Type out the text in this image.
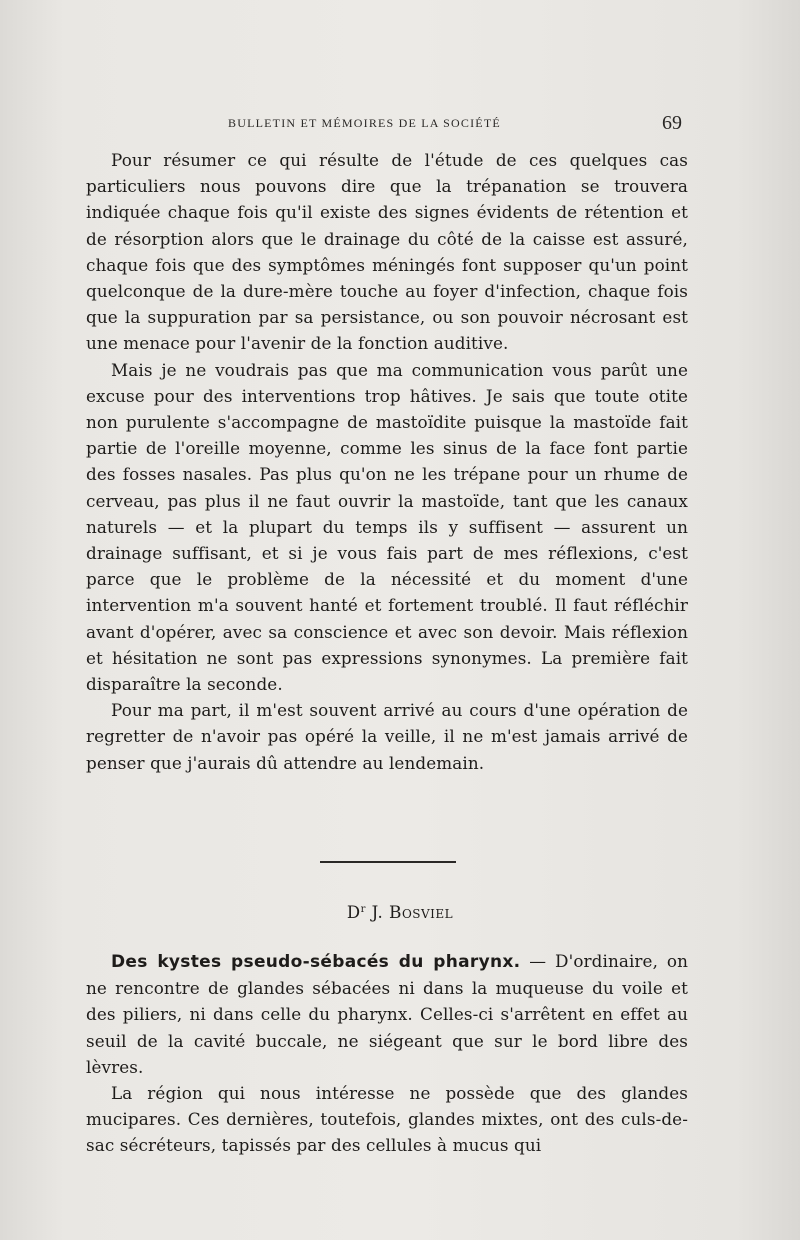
BULLETIN ET MÉMOIRES DE LA SOCIÉTÉ	69

Pour résumer ce qui résulte de l'étude de ces quelques cas particuliers nous pouvons dire que la trépanation se trouvera indiquée chaque fois qu'il existe des signes évidents de rétention et de résorption alors que le drainage du côté de la caisse est assuré, chaque fois que des symptômes méningés font supposer qu'un point quelconque de la dure-mère touche au foyer d'infection, chaque fois que la suppuration par sa persistance, ou son pouvoir nécrosant est une menace pour l'avenir de la fonction auditive.

Mais je ne voudrais pas que ma communication vous parût une excuse pour des interventions trop hâtives. Je sais que toute otite non purulente s'accompagne de mastoïdite puisque la mastoïde fait partie de l'oreille moyenne, comme les sinus de la face font partie des fosses nasales. Pas plus qu'on ne les trépane pour un rhume de cerveau, pas plus il ne faut ouvrir la mastoïde, tant que les canaux naturels — et la plupart du temps ils y suffisent — assurent un drainage suffisant, et si je vous fais part de mes réflexions, c'est parce que le problème de la nécessité et du moment d'une intervention m'a souvent hanté et fortement troublé. Il faut réfléchir avant d'opérer, avec sa conscience et avec son devoir. Mais réflexion et hésitation ne sont pas expressions synonymes. La première fait disparaître la seconde.

Pour ma part, il m'est souvent arrivé au cours d'une opération de regretter de n'avoir pas opéré la veille, il ne m'est jamais arrivé de penser que j'aurais dû attendre au lendemain.

$D^r$ J. Bosviel

Des kystes pseudo-sébacés du pharynx. — D'ordinaire, on ne rencontre de glandes sébacées ni dans la muqueuse du voile et des piliers, ni dans celle du pharynx. Celles-ci s'arrêtent en effet au seuil de la cavité buccale, ne siégeant que sur le bord libre des lèvres.

La région qui nous intéresse ne possède que des glandes mucipares. Ces dernières, toutefois, glandes mixtes, ont des culs-de-sac sécréteurs, tapissés par des cellules à mucus qui
